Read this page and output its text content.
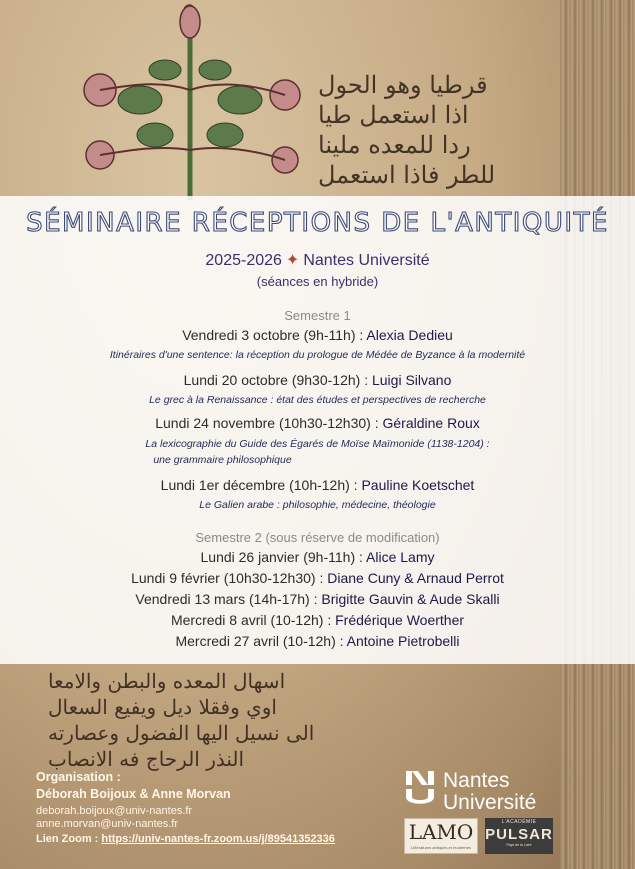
ﻗﺮﻃﯿﺎ ﻭﻫﻮ ﺍﻟﺤﻮﻝ
ﺍﺫﺍ ﺍﺳﺘﻌﻤﻞ ﻃﯿﺎ
ﺭﺩﺍ ﻟﻠﻤﻌﺪﻩ ﻣﻠﯿﻨﺎ
ﻟﻠﻄﺮ ﻓﺎﺫﺍ ﺍﺳﺘﻌﻤﻞ
ﺍﺳﻬﺎﻝ ﺍﻟﻤﻌﺪﻩ ﻭﺍﻟﺒﻄﻦ ﻭﺍﻻﻣﻌﺎ
ﺍﻭﻱ ﻭﻓﻘﻼ ﺩﻳﻞ ﻭﻳﻔﯿﻊ ﺍﻟﺴﻌﺎﻝ
ﺍﻟﻰ ﻧﺴﯿﻞ ﺍﻟﻴﻬﺎ ﺍﻟﻔﻀﻮﻝ ﻭﻋﺼﺎﺭﺗﻪ
ﺍﻟﻨﺬﺭ ﺍﻟﺮﺣﺎﺝ ﻓﻪ ﺍﻻﻧﺼﺎﺏ
SÉMINAIRE RÉCEPTIONS DE L'ANTIQUITÉ
2025-2026 ✦ Nantes Université
(séances en hybride)
Semestre 1
Vendredi 3 octobre (9h-11h) : Alexia Dedieu
Itinéraires d'une sentence: la réception du prologue de Médée de Byzance à la modernité
Lundi 20 octobre (9h30-12h) : Luigi Silvano
Le grec à la Renaissance : état des études et perspectives de recherche
Lundi 24 novembre (10h30-12h30) : Géraldine Roux
La lexicographie du Guide des Égarés de Moïse Maïmonide (1138-1204) :
une grammaire philosophique
Lundi 1er décembre (10h-12h) : Pauline Koetschet
Le Galien arabe : philosophie, médecine, théologie
Semestre 2 (sous réserve de modification)
Lundi 26 janvier (9h-11h) : Alice Lamy
Lundi 9 février (10h30-12h30) : Diane Cuny & Arnaud Perrot
Vendredi 13 mars (14h-17h) : Brigitte Gauvin & Aude Skalli
Mercredi 8 avril (10-12h) : Frédérique Woerther
Mercredi 27 avril (10-12h) : Antoine Pietrobelli
Organisation :
Déborah Boijoux & Anne Morvan
deborah.boijoux@univ-nantes.fr
anne.morvan@univ-nantes.fr
Lien Zoom : https://univ-nantes-fr.zoom.us/j/89541352336
Nantes
Université
LAMO
Littératures antiques et modernes
L'ACADÉMIE
PULSAR
Pays de la Loire
